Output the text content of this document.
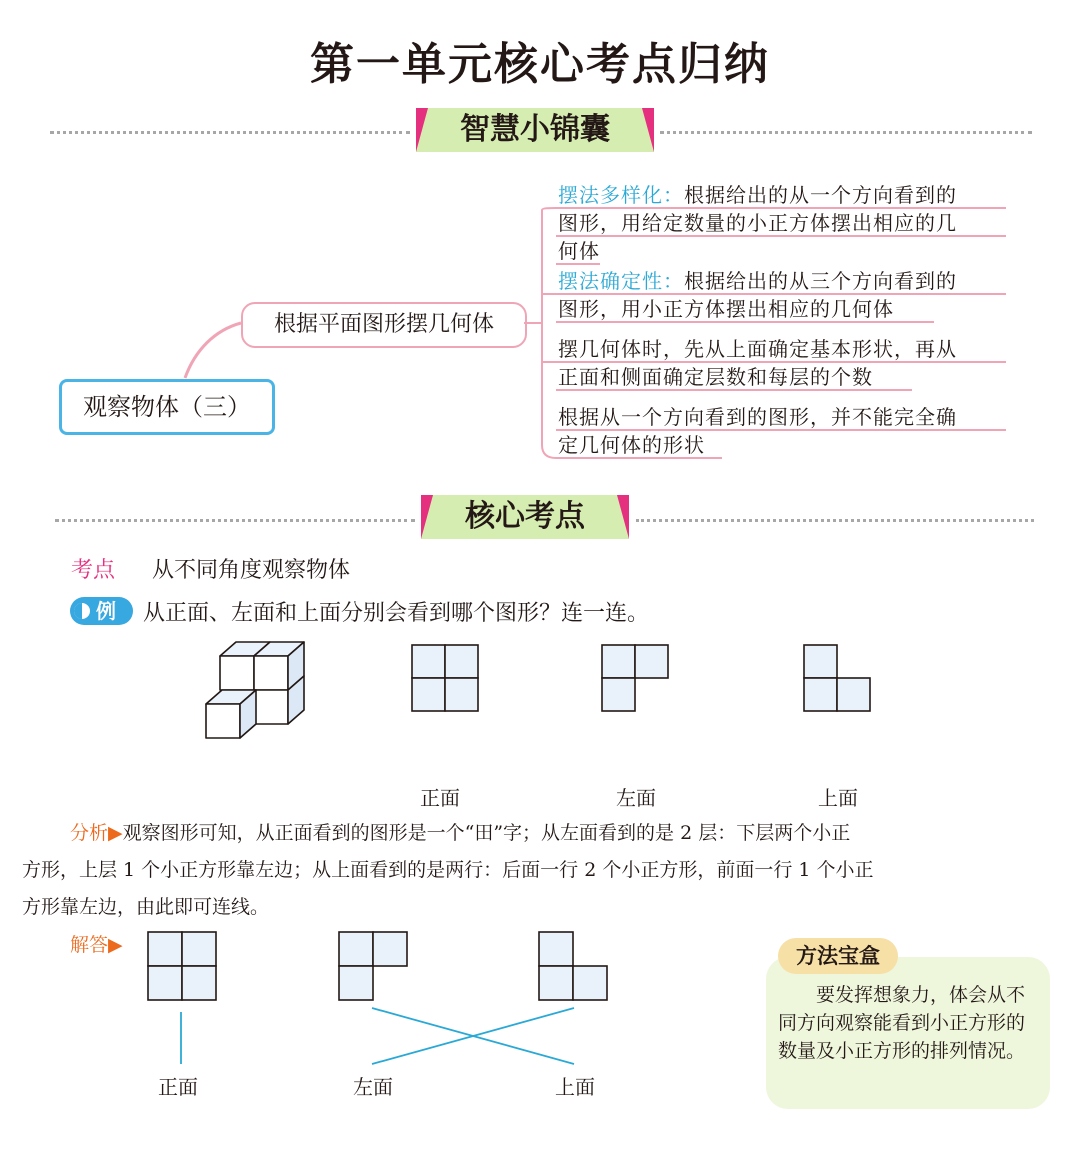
第一单元核心考点归纳
智慧小锦囊
观察物体（三）
根据平面图形摆几何体
摆法多样化：根据给出的从一个方向看到的
图形，用给定数量的小正方体摆出相应的几
何体
摆法确定性：根据给出的从三个方向看到的
图形，用小正方体摆出相应的几何体
摆几何体时，先从上面确定基本形状，再从
正面和侧面确定层数和每层的个数
根据从一个方向看到的图形，并不能完全确
定几何体的形状
核心考点
考点 从不同角度观察物体
例 从正面、左面和上面分别会看到哪个图形？连一连。
正面	左面	上面
分析▶观察图形可知，从正面看到的图形是一个“田”字；从左面看到的是 2 层：下层两个小正
方形，上层 1 个小正方形靠左边；从上面看到的是两行：后面一行 2 个小正方形，前面一行 1 个小正
方形靠左边，由此即可连线。
解答▶
正面	左面	上面
方法宝盒
要发挥想象力，体会从不同方向观察能看到小正方形的数量及小正方形的排列情况。
